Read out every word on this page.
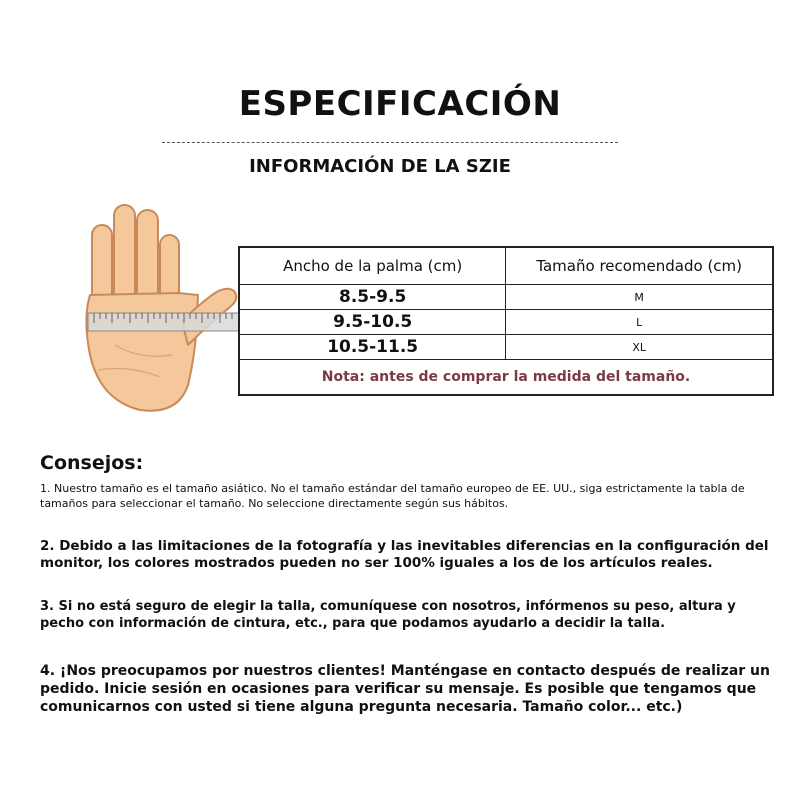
ESPECIFICACIÓN
INFORMACIÓN DE LA SZIE
Ancho de la palma (cm)	Tamaño recomendado (cm)
8.5-9.5	M
9.5-10.5	L
10.5-11.5	XL
Nota: antes de comprar la medida del tamaño.	
Consejos:

1. Nuestro tamaño es el tamaño asiático. No el tamaño estándar del tamaño europeo de EE. UU., siga estrictamente la tabla de tamaños para seleccionar el tamaño. No seleccione directamente según sus hábitos.

2. Debido a las limitaciones de la fotografía y las inevitables diferencias en la configuración del monitor, los colores mostrados pueden no ser 100% iguales a los de los artículos reales.

3. Si no está seguro de elegir la talla, comuníquese con nosotros, infórmenos su peso, altura y pecho con información de cintura, etc., para que podamos ayudarlo a decidir la talla.

4. ¡Nos preocupamos por nuestros clientes! Manténgase en contacto después de realizar un pedido. Inicie sesión en ocasiones para verificar su mensaje. Es posible que tengamos que comunicarnos con usted si tiene alguna pregunta necesaria. Tamaño color... etc.)
